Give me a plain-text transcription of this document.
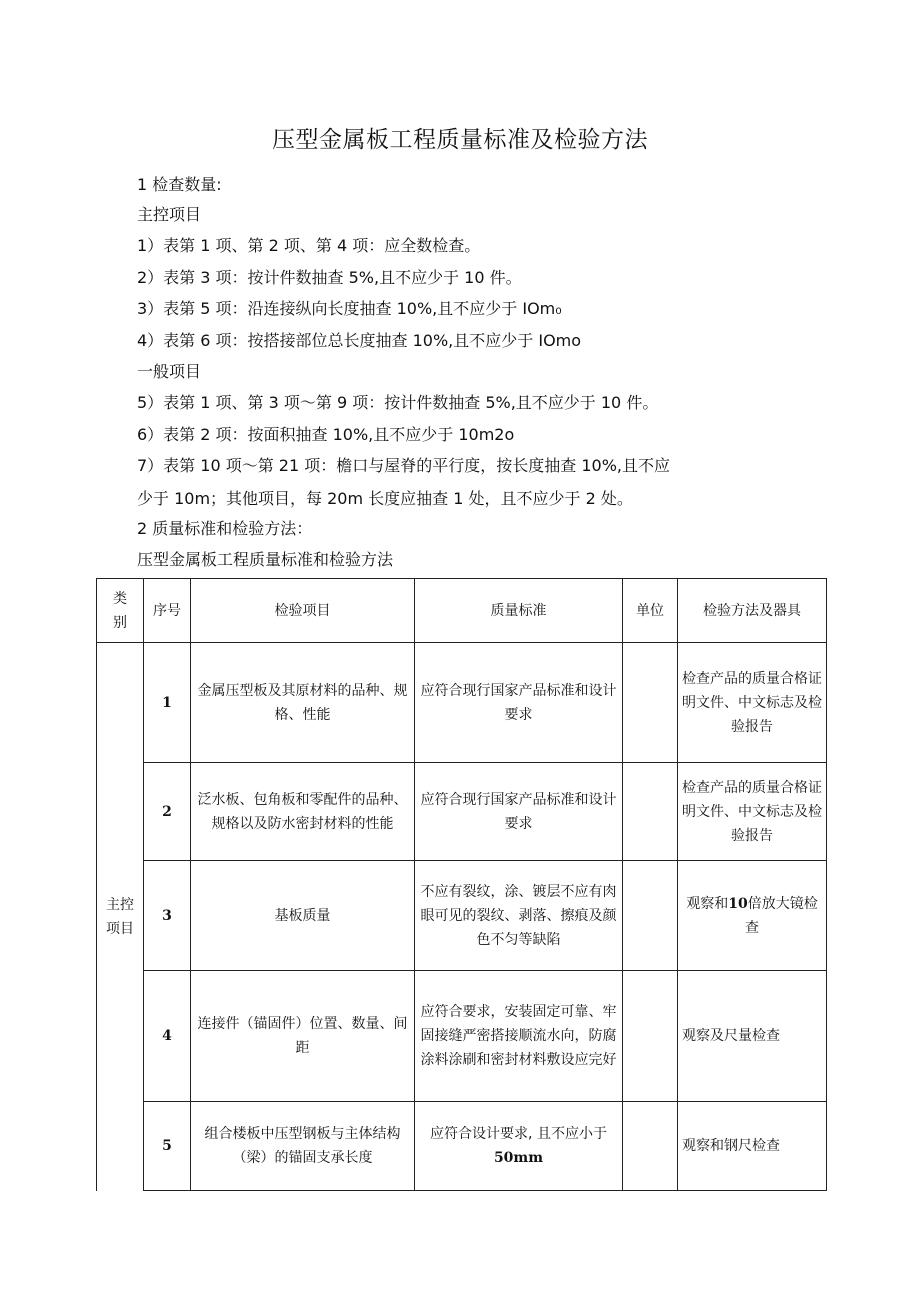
压型金属板工程质量标准及检验方法
1 检查数量:
主控项目
1）表第 1 项、第 2 项、第 4 项：应全数检查。
2）表第 3 项：按计件数抽查 5%,且不应少于 10 件。
3）表第 5 项：沿连接纵向长度抽查 10%,且不应少于 IOm₀
4）表第 6 项：按搭接部位总长度抽查 10%,且不应少于 IOmo
一般项目
5）表第 1 项、第 3 项～第 9 项：按计件数抽查 5%,且不应少于 10 件。
6）表第 2 项：按面积抽查 10%,且不应少于 10m2o
7）表第 10 项～第 21 项：檐口与屋脊的平行度，按长度抽查 10%,且不应
少于 10m；其他项目，每 20m 长度应抽查 1 处，且不应少于 2 处。
2 质量标准和检验方法：
压型金属板工程质量标准和检验方法
类
别	序号	检验项目	质量标准	单位	检验方法及器具
主控
项目	1	金属压型板及其原材料的品种、规格、性能	应符合现行国家产品标准和设计要求		检查产品的质量合格证明文件、中文标志及检验报告
	2	泛水板、包角板和零配件的品种、规格以及防水密封材料的性能	应符合现行国家产品标准和设计要求		检查产品的质量合格证明文件、中文标志及检验报告
	3	基板质量	不应有裂纹，涂、镀层不应有肉眼可见的裂纹、剥落、擦痕及颜色不匀等缺陷		观察和10倍放大镜检查
	4	连接件（锚固件）位置、数量、间距	应符合要求，安装固定可靠、牢固接缝严密搭接顺流水向，防腐涂料涂刷和密封材料敷设应完好		观察及尺量检查
	5	组合楼板中压型钢板与主体结构（梁）的锚固支承长度	应符合设计要求, 且不应小于
50mm		观察和钢尺检查
